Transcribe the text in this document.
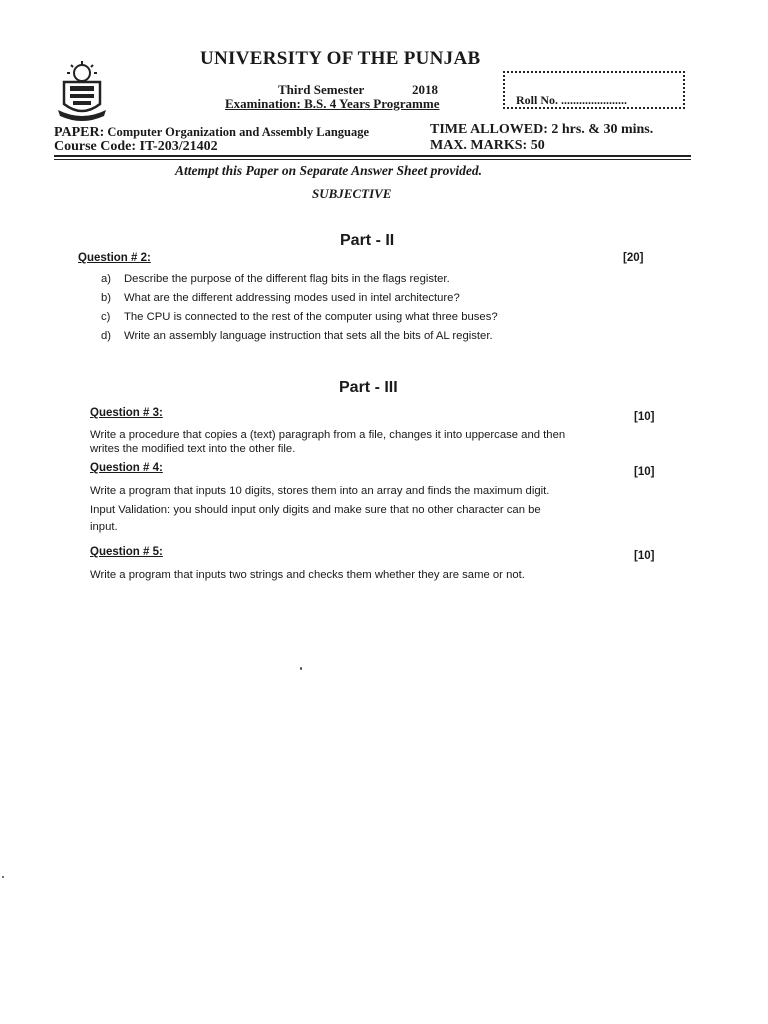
UNIVERSITY OF THE PUNJAB
Third Semester	2018
Examination: B.S. 4 Years Programme	Roll No. ......................
PAPER: Computer Organization and Assembly Language
Course Code: IT-203/21402
TIME ALLOWED: 2 hrs. & 30 mins.
MAX. MARKS: 50
Attempt this Paper on Separate Answer Sheet provided.
SUBJECTIVE
Part - II
Question # 2:	[20]
a) Describe the purpose of the different flag bits in the flags register.
b) What are the different addressing modes used in intel architecture?
c) The CPU is connected to the rest of the computer using what three buses?
d) Write an assembly language instruction that sets all the bits of AL register.
Part - III
Question # 3:	[10]
Write a procedure that copies a (text) paragraph from a file, changes it into uppercase and then
writes the modified text into the other file.
Question # 4:	[10]
Write a program that inputs 10 digits, stores them into an array and finds the maximum digit.
Input Validation: you should input only digits and make sure that no other character can be
input.
Question # 5:	[10]
Write a program that inputs two strings and checks them whether they are same or not.
